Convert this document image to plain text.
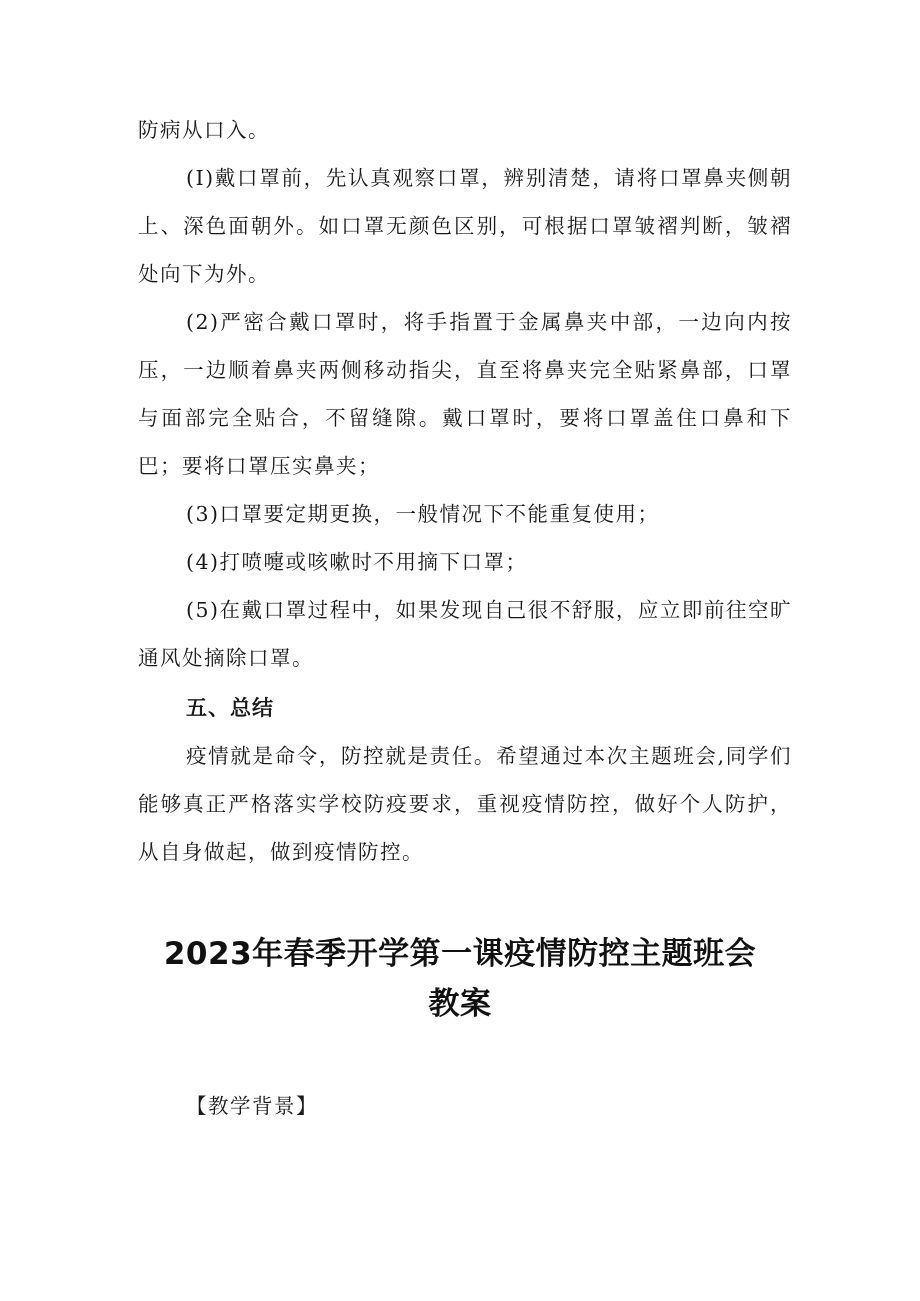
防病从口入。

(I)戴口罩前，先认真观察口罩，辨别清楚，请将口罩鼻夹侧朝上、深色面朝外。如口罩无颜色区别，可根据口罩皱褶判断，皱褶处向下为外。

(2)严密合戴口罩时，将手指置于金属鼻夹中部，一边向内按压，一边顺着鼻夹两侧移动指尖，直至将鼻夹完全贴紧鼻部，口罩与面部完全贴合，不留缝隙。戴口罩时，要将口罩盖住口鼻和下巴；要将口罩压实鼻夹；

(3)口罩要定期更换，一般情况下不能重复使用；

(4)打喷嚏或咳嗽时不用摘下口罩；

(5)在戴口罩过程中，如果发现自己很不舒服，应立即前往空旷通风处摘除口罩。

五、总结

疫情就是命令，防控就是责任。希望通过本次主题班会,同学们能够真正严格落实学校防疫要求，重视疫情防控，做好个人防护，从自身做起，做到疫情防控。

2023年春季开学第一课疫情防控主题班会
教案

【教学背景】
